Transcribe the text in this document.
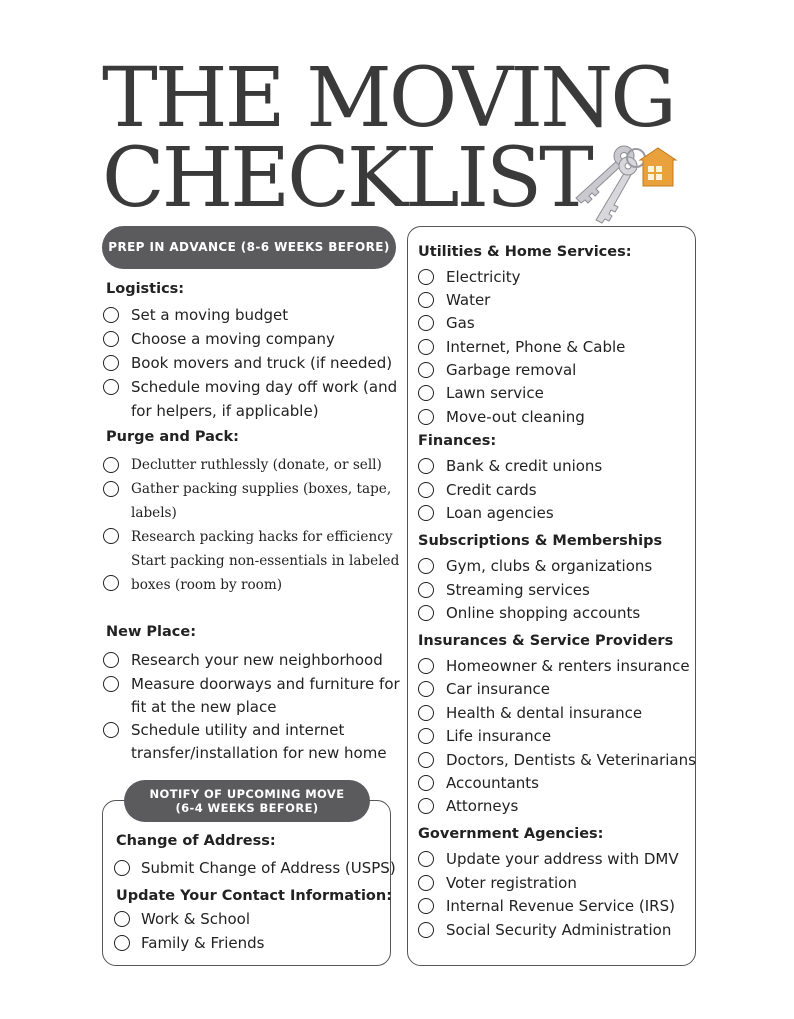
THE MOVING
CHECKLIST
PREP IN ADVANCE (8-6 WEEKS BEFORE)
Logistics:
Set a moving budget
Choose a moving company
Book movers and truck (if needed)
Schedule moving day off work (and
for helpers, if applicable)
Purge and Pack:
Declutter ruthlessly (donate, or sell)
Gather packing supplies (boxes, tape,
labels)
Research packing hacks for efficiency
Start packing non-essentials in labeled
boxes (room by room)
New Place:
Research your new neighborhood
Measure doorways and furniture for
fit at the new place
Schedule utility and internet
transfer/installation for new home
NOTIFY OF UPCOMING MOVE
(6-4 WEEKS BEFORE)
Change of Address:
Submit Change of Address (USPS)
Update Your Contact Information:
Work & School
Family & Friends
Utilities & Home Services:
Electricity
Water
Gas
Internet, Phone & Cable
Garbage removal
Lawn service
Move-out cleaning
Finances:
Bank & credit unions
Credit cards
Loan agencies
Subscriptions & Memberships
Gym, clubs & organizations
Streaming services
Online shopping accounts
Insurances & Service Providers
Homeowner & renters insurance
Car insurance
Health & dental insurance
Life insurance
Doctors, Dentists & Veterinarians
Accountants
Attorneys
Government Agencies:
Update your address with DMV
Voter registration
Internal Revenue Service (IRS)
Social Security Administration
